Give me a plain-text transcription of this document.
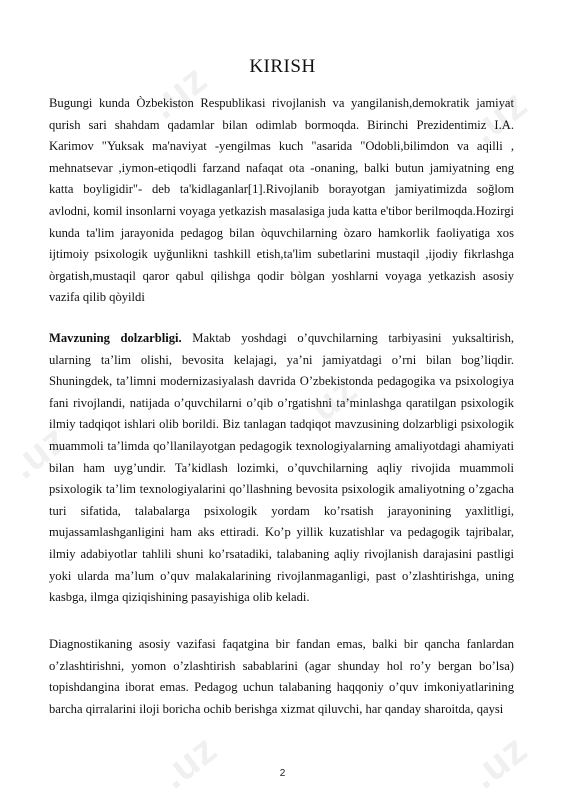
.uz	.uz
.uz
.uz
.uz	.uz
KIRISH

Bugungi kunda Òzbekiston Respublikasi rivojlanish va yangilanish,demokratik jamiyat qurish sari shahdam qadamlar bilan odimlab bormoqda. Birinchi Prezidentimiz I.A. Karimov "Yuksak ma'naviyat -yengilmas kuch "asarida "Odobli,bilimdon va aqilli , mehnatsevar ,iymon-etiqodli farzand nafaqat ota -onaning, balki butun jamiyatning eng katta boyligidir"- deb ta'kidlaganlar[1].Rivojlanib borayotgan jamiyatimizda soğlom avlodni, komil insonlarni voyaga yetkazish masalasiga juda katta e'tibor berilmoqda.Hozirgi kunda ta'lim jarayonida pedagog bilan òquvchilarning òzaro hamkorlik faoliyatiga xos ijtimoiy psixologik uyğunlikni tashkill etish,ta'lim subetlarini mustaqil ,ijodiy fikrlashga òrgatish,mustaqil qaror qabul qilishga qodir bòlgan yoshlarni voyaga yetkazish asosiy vazifa qilib qòyildi

Mavzuning dolzarbligi. Maktab yoshdagi o’quvchilarning tarbiyasini yuksaltirish, ularning ta’lim olishi, bevosita kelajagi, ya’ni jamiyatdagi o’rni bilan bog’liqdir. Shuningdek, ta’limni modernizasiyalash davrida O’zbekistonda pedagogika va psixologiya fani rivojlandi, natijada o’quvchilarni o’qib o’rgatishni ta’minlashga qaratilgan psixologik ilmiy tadqiqot ishlari olib borildi. Biz tanlagan tadqiqot mavzusining dolzarbligi psixologik muammoli ta’limda qo’llanilayotgan pedagogik texnologiyalarning amaliyotdagi ahamiyati bilan ham uyg’undir. Ta’kidlash lozimki, o’quvchilarning aqliy rivojida muammoli psixologik ta’lim texnologiyalarini qo’llashning bevosita psixologik amaliyotning o’zgacha turi sifatida, talabalarga psixologik yordam ko’rsatish jarayonining yaxlitligi, mujassamlashganligini ham aks ettiradi. Ko’p yillik kuzatishlar va pedagogik tajribalar, ilmiy adabiyotlar tahlili shuni ko’rsatadiki, talabaning aqliy rivojlanish darajasini pastligi yoki ularda ma’lum o’quv malakalarining rivojlanmaganligi, past o’zlashtirishga, uning kasbga, ilmga qiziqishining pasayishiga olib keladi.

Diagnostikaning asosiy vazifasi faqatgina bir fandan emas, balki bir qancha fanlardan o’zlashtirishni, yomon o’zlashtirish sabablarini (agar shunday hol ro’y bergan bo’lsa) topishdangina iborat emas. Pedagog uchun talabaning haqqoniy o’quv imkoniyatlarining barcha qirralarini iloji boricha ochib berishga xizmat qiluvchi, har qanday sharoitda, qaysi

2
